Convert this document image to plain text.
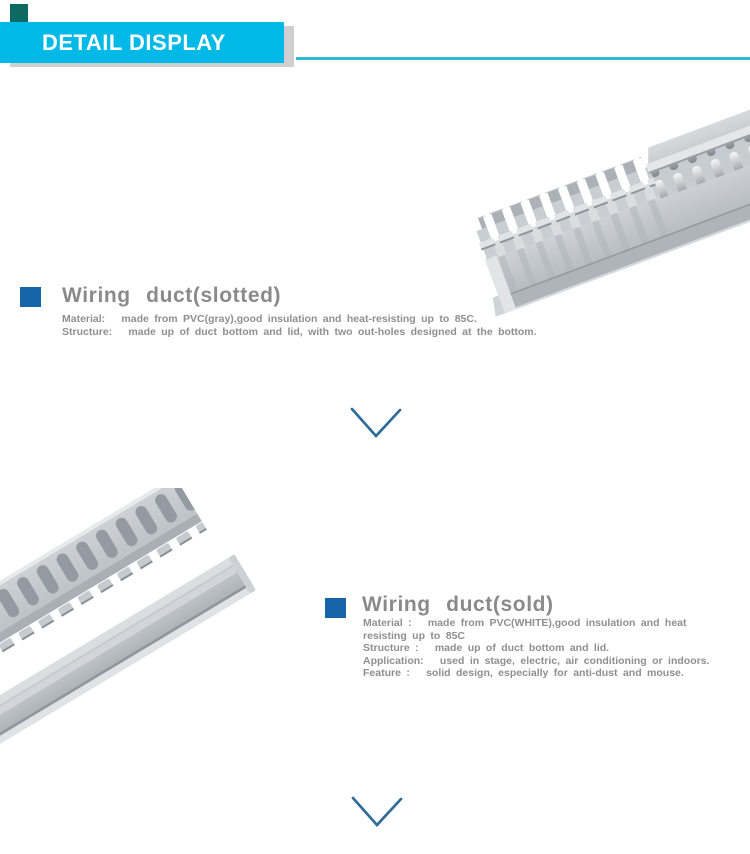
DETAIL DISPLAY
Wiring duct(slotted)
Material:   made from PVC(gray),good insulation and heat-resisting up to 85C.
Structure:   made up of duct bottom and lid, with two out-holes designed at the bottom.
Wiring duct(sold)
Material :   made from PVC(WHITE),good insulation and heat
resisting up to 85C
Structure :   made up of duct bottom and lid.
Application:   used in stage, electric, air conditioning or indoors.
Feature :   solid design, especially for anti-dust and mouse.
